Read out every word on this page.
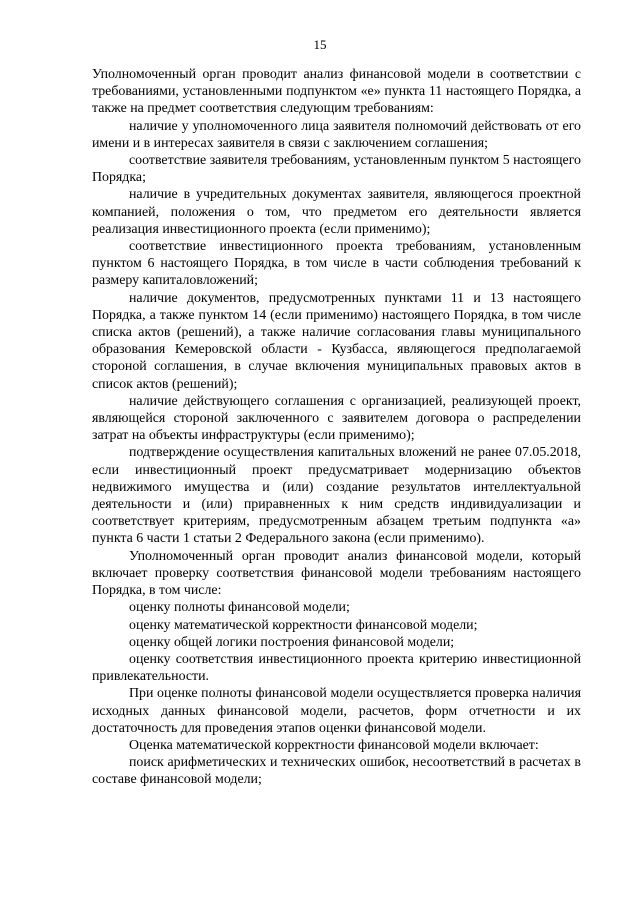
15

Уполномоченный орган проводит анализ финансовой модели в соответствии с требованиями, установленными подпунктом «е» пункта 11 настоящего Порядка, а также на предмет соответствия следующим требованиям:

наличие у уполномоченного лица заявителя полномочий действовать от его имени и в интересах заявителя в связи с заключением соглашения;

соответствие заявителя требованиям, установленным пунктом 5 настоящего Порядка;

наличие в учредительных документах заявителя, являющегося проектной компанией, положения о том, что предметом его деятельности является реализация инвестиционного проекта (если применимо);

соответствие инвестиционного проекта требованиям, установленным пунктом 6 настоящего Порядка, в том числе в части соблюдения требований к размеру капиталовложений;

наличие документов, предусмотренных пунктами 11 и 13 настоящего Порядка, а также пунктом 14 (если применимо) настоящего Порядка, в том числе списка актов (решений), а также наличие согласования главы муниципального образования Кемеровской области - Кузбасса, являющегося предполагаемой стороной соглашения, в случае включения муниципальных правовых актов в список актов (решений);

наличие действующего соглашения с организацией, реализующей проект, являющейся стороной заключенного с заявителем договора о распределении затрат на объекты инфраструктуры (если применимо);

подтверждение осуществления капитальных вложений не ранее 07.05.2018, если инвестиционный проект предусматривает модернизацию объектов недвижимого имущества и (или) создание результатов интеллектуальной деятельности и (или) приравненных к ним средств индивидуализации и соответствует критериям, предусмотренным абзацем третьим подпункта «а» пункта 6 части 1 статьи 2 Федерального закона (если применимо).

Уполномоченный орган проводит анализ финансовой модели, который включает проверку соответствия финансовой модели требованиям настоящего Порядка, в том числе:

оценку полноты финансовой модели;

оценку математической корректности финансовой модели;

оценку общей логики построения финансовой модели;

оценку соответствия инвестиционного проекта критерию инвестиционной привлекательности.

При оценке полноты финансовой модели осуществляется проверка наличия исходных данных финансовой модели, расчетов, форм отчетности и их достаточность для проведения этапов оценки финансовой модели.

Оценка математической корректности финансовой модели включает:

поиск арифметических и технических ошибок, несоответствий в расчетах в составе финансовой модели;
